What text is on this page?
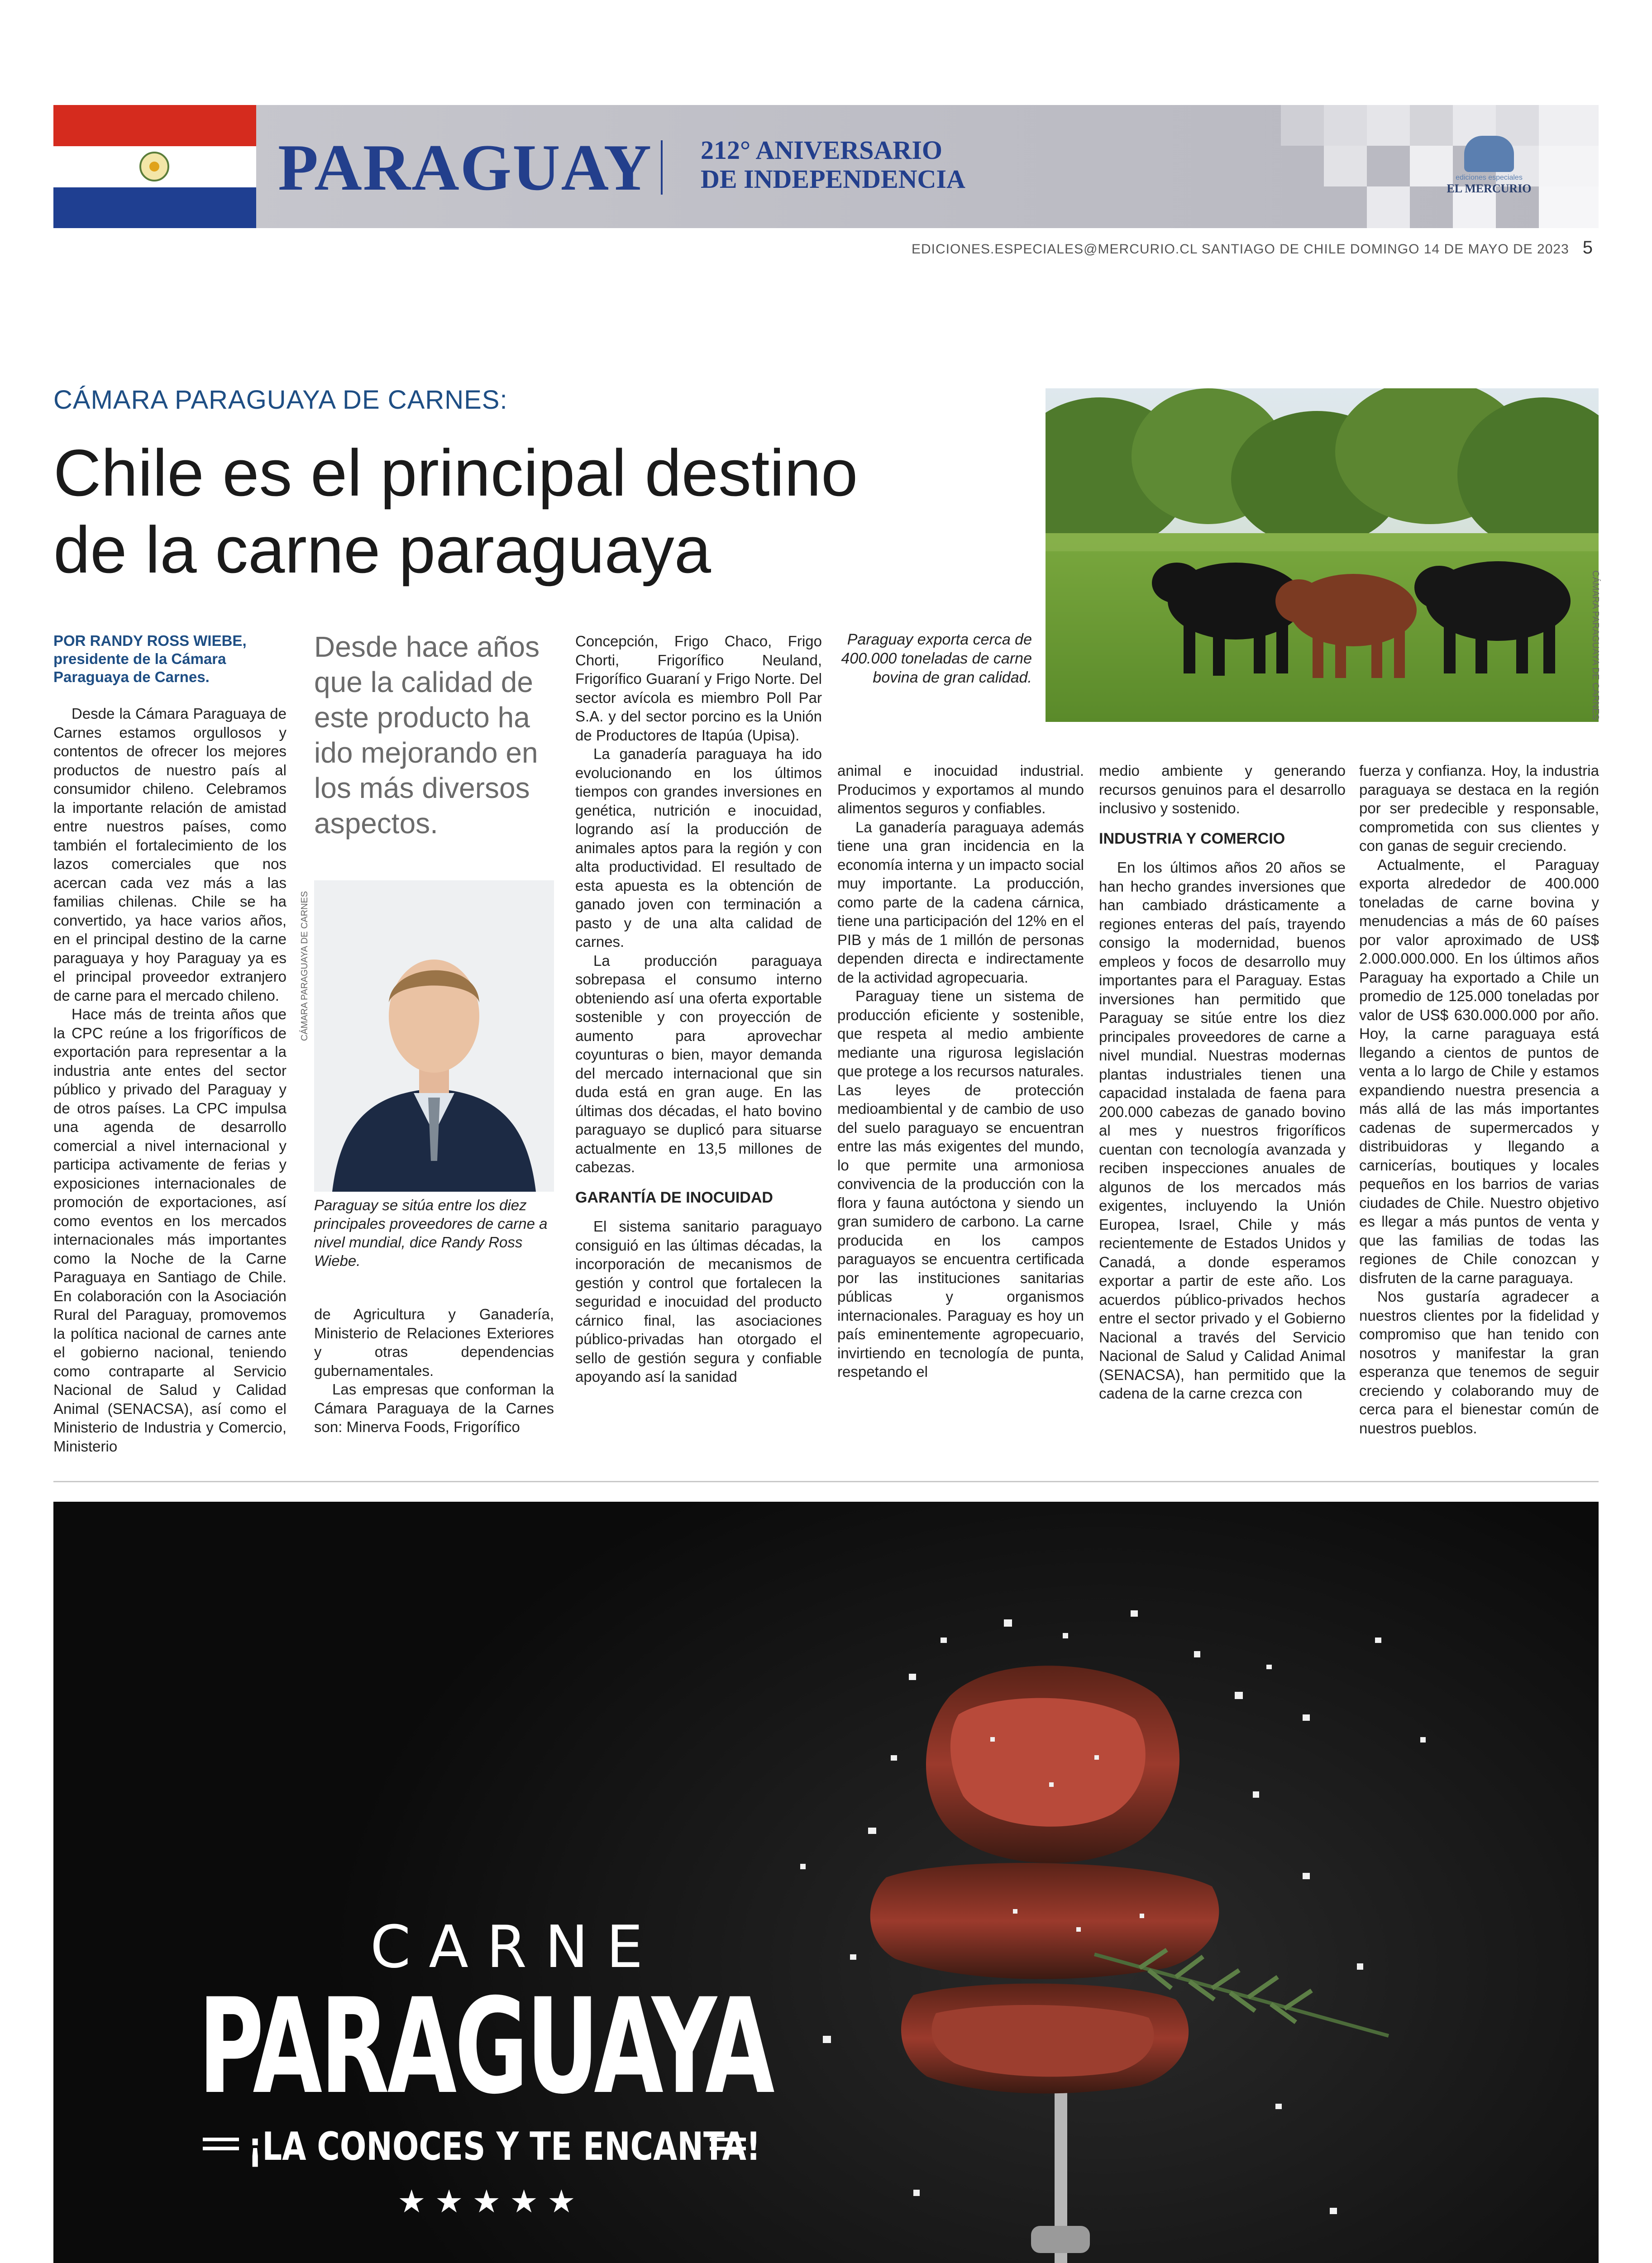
PARAGUAY 212° ANIVERSARIO
DE INDEPENDENCIA	ediciones especiales
EL MERCURIO
EDICIONES.ESPECIALES@MERCURIO.CL SANTIAGO DE CHILE DOMINGO 14 DE MAYO DE 2023 5
CÁMARA PARAGUAYA DE CARNES:
Chile es el principal destino
de la carne paraguaya
CÁMARA PARAGUAYA DE CARNES
POR RANDY ROSS WIEBE,
presidente de la Cámara
Paraguaya de Carnes.

Desde la Cámara Paraguaya de Carnes estamos orgullosos y contentos de ofrecer los mejores productos de nuestro país al consumidor chileno. Celebramos la importante relación de amistad entre nuestros países, como también el fortalecimiento de los lazos comerciales que nos acercan cada vez más a las familias chilenas. Chile se ha convertido, ya hace varios años, en el principal destino de la carne paraguaya y hoy Paraguay ya es el principal proveedor extranjero de carne para el mercado chileno.

Hace más de treinta años que la CPC reúne a los frigoríficos de exportación para representar a la industria ante entes del sector público y privado del Paraguay y de otros países. La CPC impulsa una agenda de desarrollo comercial a nivel internacional y participa activamente de ferias y exposiciones internacionales de promoción de exportaciones, así como eventos en los mercados internacionales más importantes como la Noche de la Carne Paraguaya en Santiago de Chile. En colaboración con la Asociación Rural del Paraguay, promovemos la política nacional de carnes ante el gobierno nacional, teniendo como contraparte al Servicio Nacional de Salud y Calidad Animal (SENACSA), así como el Ministerio de Industria y Comercio, Ministerio

Desde hace años que la calidad de este producto ha ido mejorando en los más diversos aspectos.
CÁMARA PARAGUAYA DE CARNES
Paraguay se sitúa entre los diez principales proveedores de carne a nivel mundial, dice Randy Ross Wiebe.

de Agricultura y Ganadería, Ministerio de Relaciones Exteriores y otras dependencias gubernamentales.

Las empresas que conforman la Cámara Paraguaya de la Carnes son: Minerva Foods, Frigorífico

Concepción, Frigo Chaco, Frigo Chorti, Frigorífico Neuland, Frigorífico Guaraní y Frigo Norte. Del sector avícola es miembro Poll Par S.A. y del sector porcino es la Unión de Productores de Itapúa (Upisa).

La ganadería paraguaya ha ido evolucionando en los últimos tiempos con grandes inversiones en genética, nutrición e inocuidad, logrando así la producción de animales aptos para la región y con alta productividad. El resultado de esta apuesta es la obtención de ganado joven con terminación a pasto y de una alta calidad de carnes.

La producción paraguaya sobrepasa el consumo interno obteniendo así una oferta exportable sostenible y con proyección de aumento para aprovechar coyunturas o bien, mayor demanda del mercado internacional que sin duda está en gran auge. En las últimas dos décadas, el hato bovino paraguayo se duplicó para situarse actualmente en 13,5 millones de cabezas.

GARANTÍA DE INOCUIDAD

El sistema sanitario paraguayo consiguió en las últimas décadas, la incorporación de mecanismos de gestión y control que fortalecen la seguridad e inocuidad del producto cárnico final, las asociaciones público-privadas han otorgado el sello de gestión segura y confiable apoyando así la sanidad

Paraguay exporta cerca de 400.000 toneladas de carne bovina de gran calidad.

animal e inocuidad industrial. Producimos y exportamos al mundo alimentos seguros y confiables.

La ganadería paraguaya además tiene una gran incidencia en la economía interna y un impacto social muy importante. La producción, como parte de la cadena cárnica, tiene una participación del 12% en el PIB y más de 1 millón de personas dependen directa e indirectamente de la actividad agropecuaria.

Paraguay tiene un sistema de producción eficiente y sostenible, que respeta al medio ambiente mediante una rigurosa legislación que protege a los recursos naturales. Las leyes de protección medioambiental y de cambio de uso del suelo paraguayo se encuentran entre las más exigentes del mundo, lo que permite una armoniosa convivencia de la producción con la flora y fauna autóctona y siendo un gran sumidero de carbono. La carne producida en los campos paraguayos se encuentra certificada por las instituciones sanitarias públicas y organismos internacionales. Paraguay es hoy un país eminentemente agropecuario, invirtiendo en tecnología de punta, respetando el

medio ambiente y generando recursos genuinos para el desarrollo inclusivo y sostenido.

INDUSTRIA Y COMERCIO

En los últimos años 20 años se han hecho grandes inversiones que han cambiado drásticamente a regiones enteras del país, trayendo consigo la modernidad, buenos empleos y focos de desarrollo muy importantes para el Paraguay. Estas inversiones han permitido que Paraguay se sitúe entre los diez principales proveedores de carne a nivel mundial. Nuestras modernas plantas industriales tienen una capacidad instalada de faena para 200.000 cabezas de ganado bovino al mes y nuestros frigoríficos cuentan con tecnología avanzada y reciben inspecciones anuales de algunos de los mercados más exigentes, incluyendo la Unión Europea, Israel, Chile y más recientemente de Estados Unidos y Canadá, a donde esperamos exportar a partir de este año. Los acuerdos público-privados hechos entre el sector privado y el Gobierno Nacional a través del Servicio Nacional de Salud y Calidad Animal (SENACSA), han permitido que la cadena de la carne crezca con

fuerza y confianza. Hoy, la industria paraguaya se destaca en la región por ser predecible y responsable, comprometida con sus clientes y con ganas de seguir creciendo.

Actualmente, el Paraguay exporta alrededor de 400.000 toneladas de carne bovina y menudencias a más de 60 países por valor aproximado de US$ 2.000.000.000. En los últimos años Paraguay ha exportado a Chile un promedio de 125.000 toneladas por valor de US$ 630.000.000 por año. Hoy, la carne paraguaya está llegando a cientos de puntos de venta a lo largo de Chile y estamos expandiendo nuestra presencia a más allá de las más importantes cadenas de supermercados y distribuidoras y llegando a carnicerías, boutiques y locales pequeños en los barrios de varias ciudades de Chile. Nuestro objetivo es llegar a más puntos de venta y que las familias de todas las regiones de Chile conozcan y disfruten de la carne paraguaya.

Nos gustaría agradecer a nuestros clientes por la fidelidad y compromiso que han tenido con nosotros y manifestar la gran esperanza que tenemos de seguir creciendo y colaborando muy de cerca para el bienestar común de nuestros pueblos.

CARNE
PARAGUAYA
¡LA CONOCES Y TE ENCANTA!
★★★★★
